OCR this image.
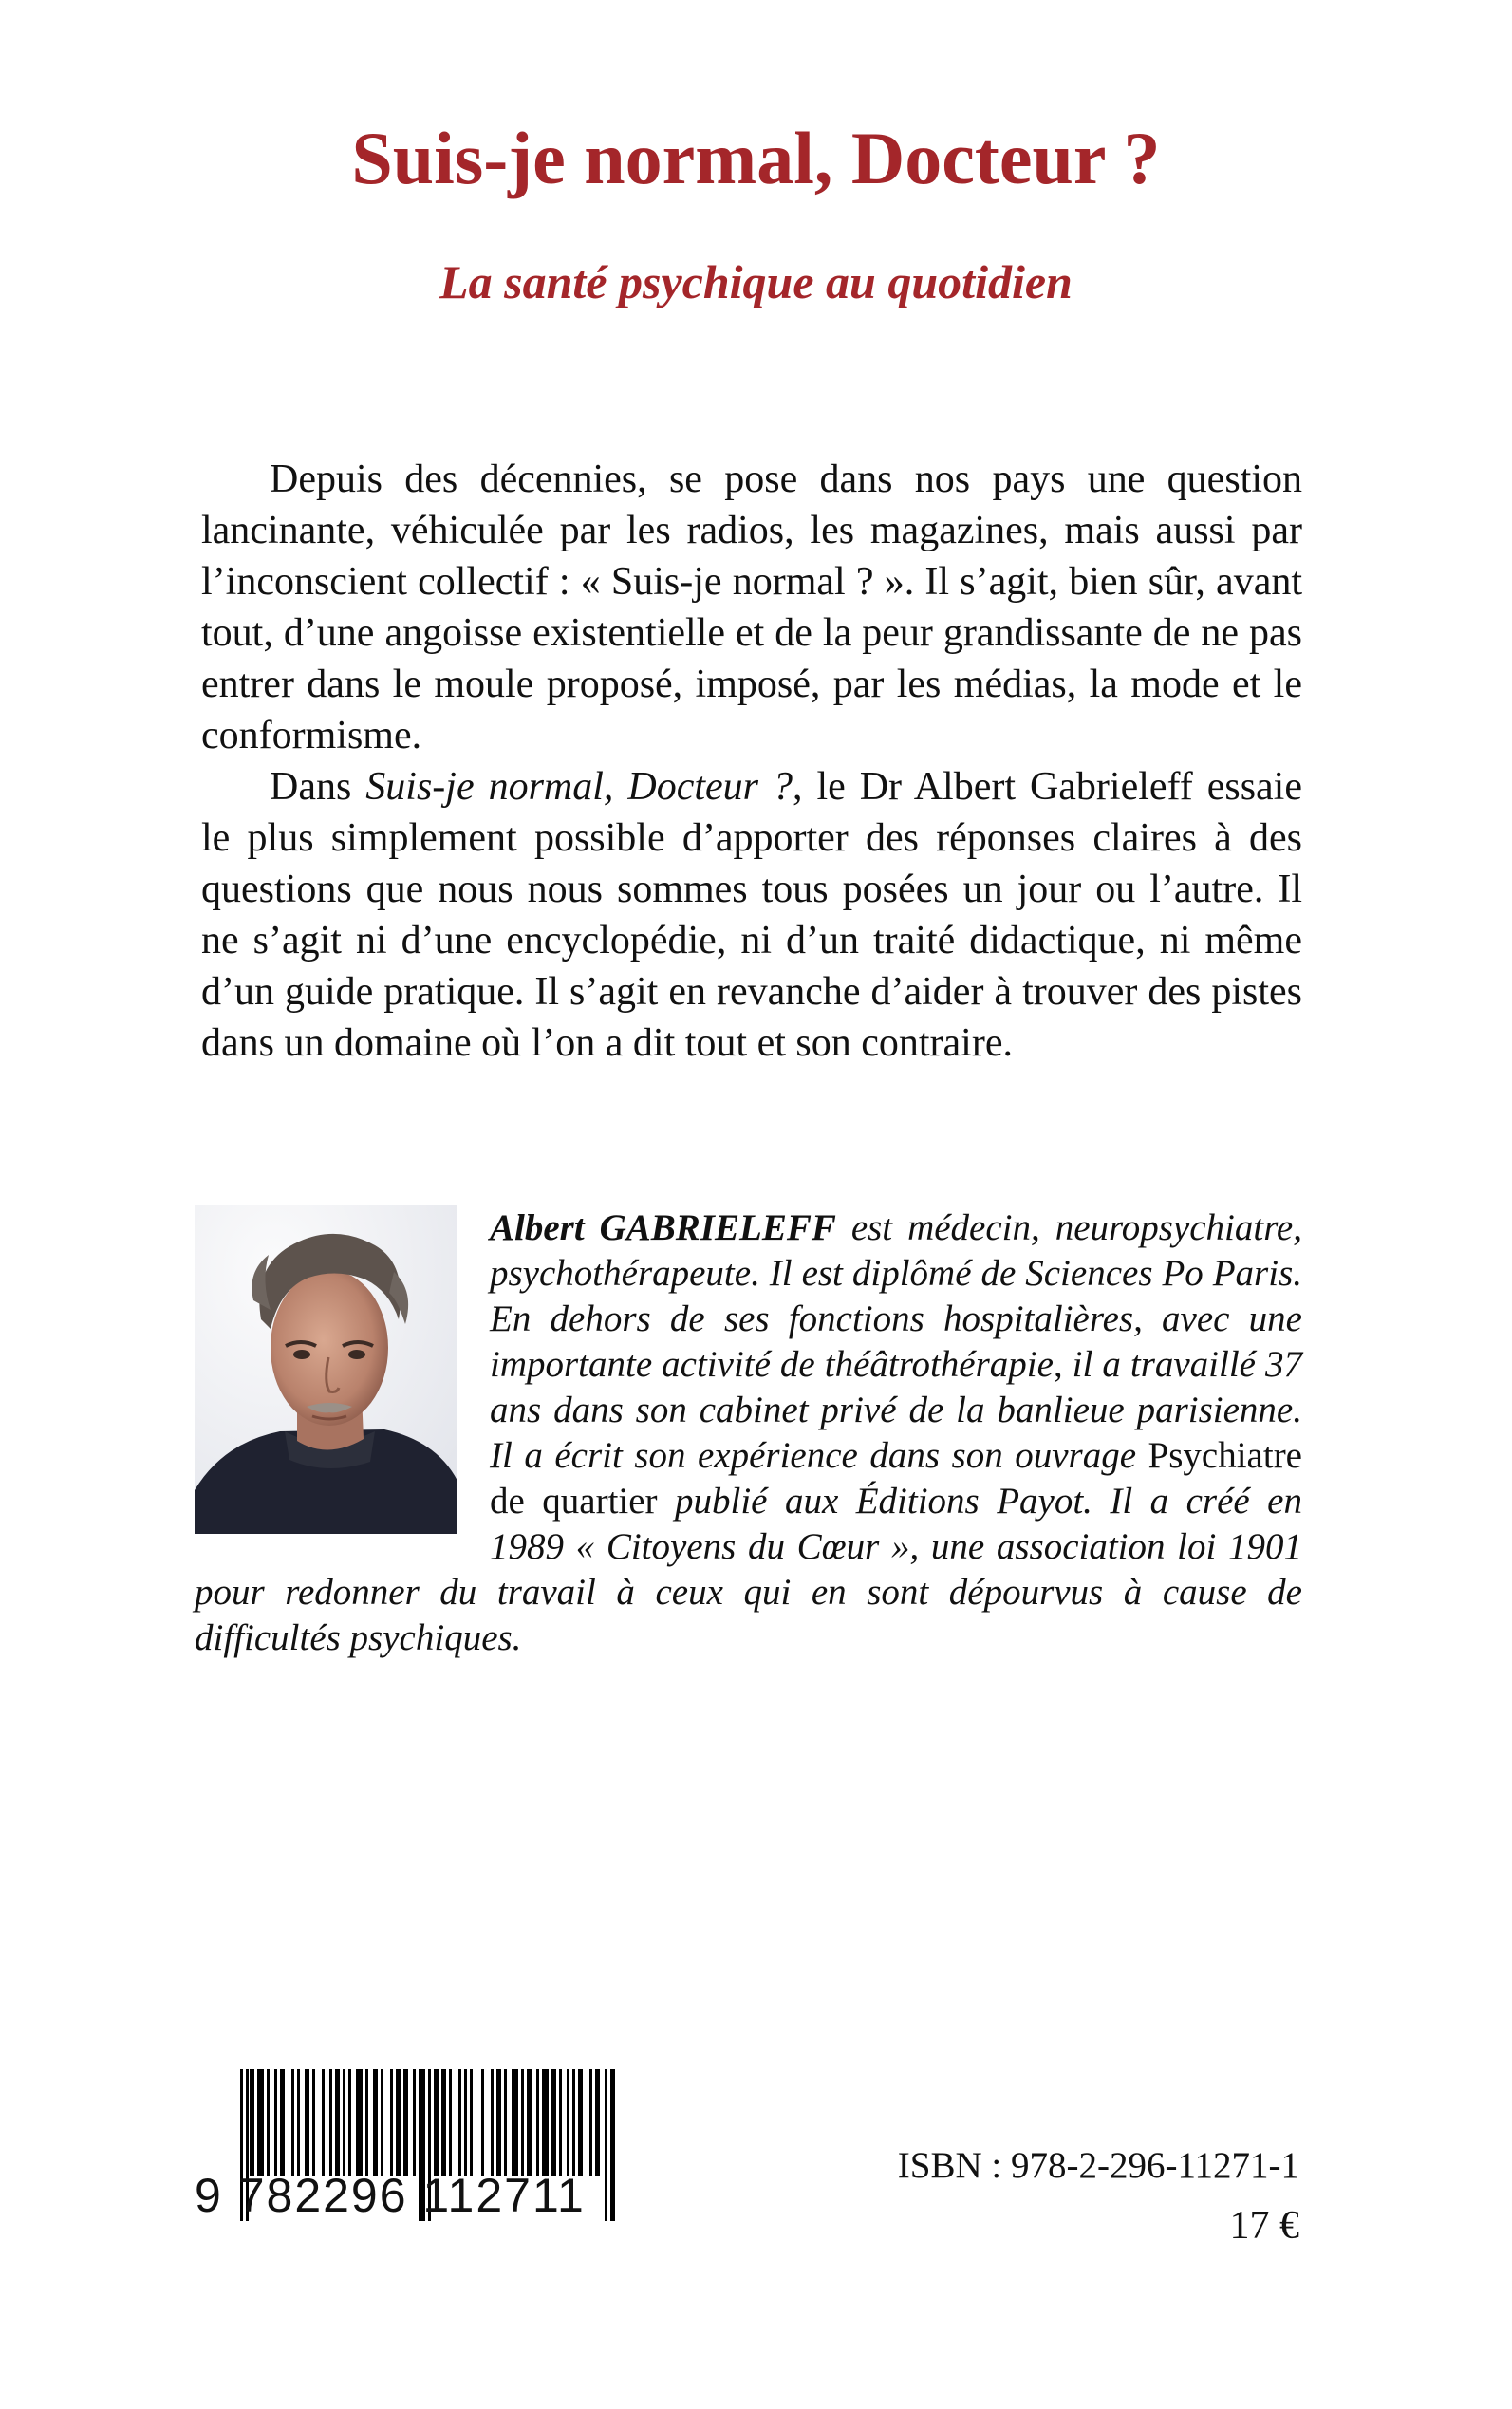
Suis-je normal, Docteur ?
La santé psychique au quotidien

Depuis des décennies, se pose dans nos pays une question lancinante, véhiculée par les radios, les magazines, mais aussi par l’inconscient collectif : « Suis-je normal ? ». Il s’agit, bien sûr, avant tout, d’une angoisse existentielle et de la peur grandissante de ne pas entrer dans le moule proposé, imposé, par les médias, la mode et le conformisme.

Dans Suis-je normal, Docteur ?, le Dr Albert Gabrieleff essaie le plus simplement possible d’apporter des réponses claires à des questions que nous nous sommes tous posées un jour ou l’autre. Il ne s’agit ni d’une encyclopédie, ni d’un traité didactique, ni même d’un guide pratique. Il s’agit en revanche d’aider à trouver des pistes dans un domaine où l’on a dit tout et son contraire.

Albert GABRIELEFF est médecin, neuropsychiatre, psychothérapeute. Il est diplômé de Sciences Po Paris. En dehors de ses fonctions hospitalières, avec une importante activité de théâtrothérapie, il a travaillé 37 ans dans son cabinet privé de la banlieue parisienne. Il a écrit son expérience dans son ouvrage Psychiatre de quartier publié aux Éditions Payot. Il a créé en 1989 « Citoyens du Cœur », une association loi 1901 pour redonner du travail à ceux qui en sont dépourvus à cause de difficultés psychiques.
9 782296 112711
ISBN : 978-2-296-11271-1
17 €
